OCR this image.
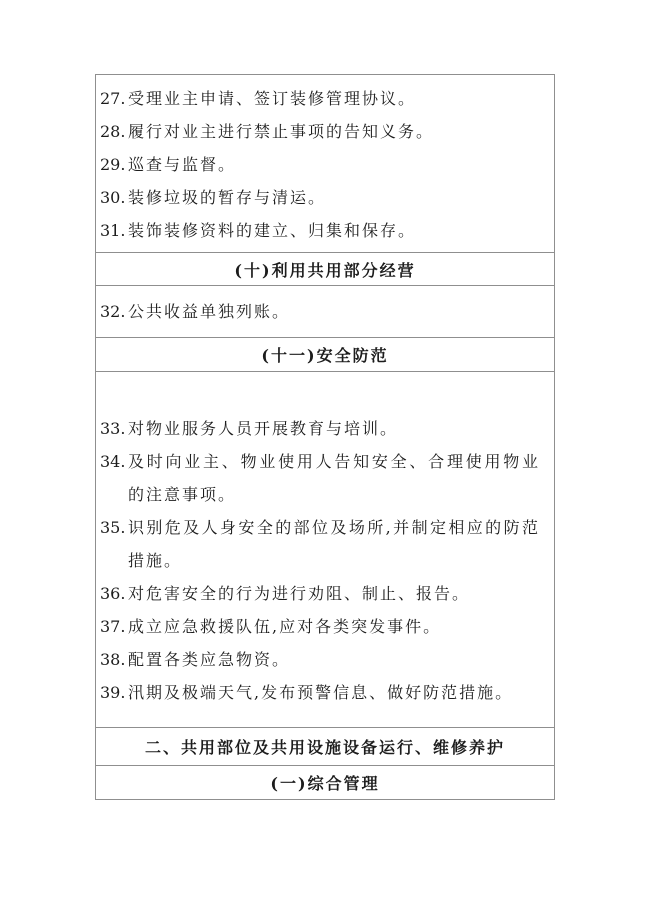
27. 受理业主申请、签订装修管理协议。
28. 履行对业主进行禁止事项的告知义务。
29. 巡查与监督。
30. 装修垃圾的暂存与清运。
31. 装饰装修资料的建立、归集和保存。
(十)利用共用部分经营
32. 公共收益单独列账。
(十一)安全防范
33. 对物业服务人员开展教育与培训。
34. 及时向业主、物业使用人告知安全、合理使用物业的注意事项。
35. 识别危及人身安全的部位及场所,并制定相应的防范措施。
36. 对危害安全的行为进行劝阻、制止、报告。
37. 成立应急救援队伍,应对各类突发事件。
38. 配置各类应急物资。
39. 汛期及极端天气,发布预警信息、做好防范措施。
二、共用部位及共用设施设备运行、维修养护
(一)综合管理
